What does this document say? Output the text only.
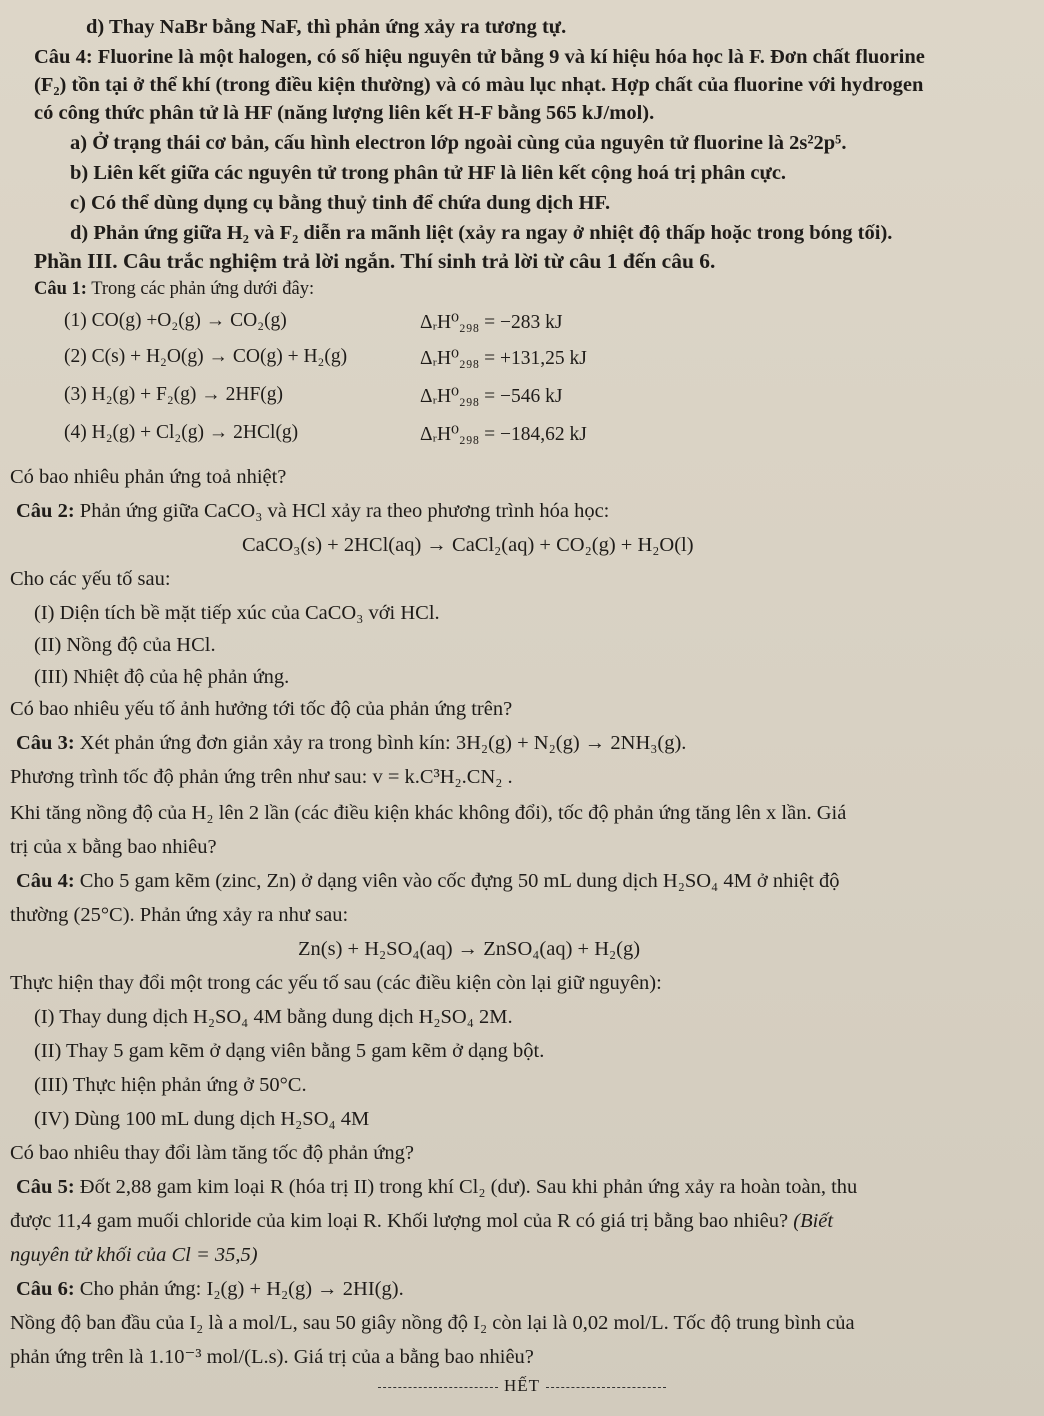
d) Thay NaBr bằng NaF, thì phản ứng xảy ra tương tự.
Câu 4: Fluorine là một halogen, có số hiệu nguyên tử bằng 9 và kí hiệu hóa học là F. Đơn chất fluorine
(F₂) tồn tại ở thể khí (trong điều kiện thường) và có màu lục nhạt. Hợp chất của fluorine với hydrogen
có công thức phân tử là HF (năng lượng liên kết H-F bằng 565 kJ/mol).
a) Ở trạng thái cơ bản, cấu hình electron lớp ngoài cùng của nguyên tử fluorine là 2s²2p⁵.
b) Liên kết giữa các nguyên tử trong phân tử HF là liên kết cộng hoá trị phân cực.
c) Có thể dùng dụng cụ bằng thuỷ tinh để chứa dung dịch HF.
d) Phản ứng giữa H₂ và F₂ diễn ra mãnh liệt (xảy ra ngay ở nhiệt độ thấp hoặc trong bóng tối).
Phần III. Câu trắc nghiệm trả lời ngắn. Thí sinh trả lời từ câu 1 đến câu 6.
Câu 1: Trong các phản ứng dưới đây:
(1) CO(g) +O₂(g) → CO₂(g)	ΔᵣH⁰₂₉₈ = −283 kJ
(2) C(s) + H₂O(g) → CO(g) + H₂(g)	ΔᵣH⁰₂₉₈ = +131,25 kJ
(3) H₂(g) + F₂(g) → 2HF(g)	ΔᵣH⁰₂₉₈ = −546 kJ
(4) H₂(g) + Cl₂(g) → 2HCl(g)	ΔᵣH⁰₂₉₈ = −184,62 kJ
Có bao nhiêu phản ứng toả nhiệt?
Câu 2: Phản ứng giữa CaCO₃ và HCl xảy ra theo phương trình hóa học:
CaCO₃(s) + 2HCl(aq) → CaCl₂(aq) + CO₂(g) + H₂O(l)
Cho các yếu tố sau:
(I) Diện tích bề mặt tiếp xúc của CaCO₃ với HCl.
(II) Nồng độ của HCl.
(III) Nhiệt độ của hệ phản ứng.
Có bao nhiêu yếu tố ảnh hưởng tới tốc độ của phản ứng trên?
Câu 3: Xét phản ứng đơn giản xảy ra trong bình kín: 3H₂(g) + N₂(g) → 2NH₃(g).
Phương trình tốc độ phản ứng trên như sau: v = k.C³H₂.CN₂ .
Khi tăng nồng độ của H₂ lên 2 lần (các điều kiện khác không đổi), tốc độ phản ứng tăng lên x lần. Giá
trị của x bằng bao nhiêu?
Câu 4: Cho 5 gam kẽm (zinc, Zn) ở dạng viên vào cốc đựng 50 mL dung dịch H₂SO₄ 4M ở nhiệt độ
thường (25°C). Phản ứng xảy ra như sau:
Zn(s) + H₂SO₄(aq) → ZnSO₄(aq) + H₂(g)
Thực hiện thay đổi một trong các yếu tố sau (các điều kiện còn lại giữ nguyên):
(I) Thay dung dịch H₂SO₄ 4M bằng dung dịch H₂SO₄ 2M.
(II) Thay 5 gam kẽm ở dạng viên bằng 5 gam kẽm ở dạng bột.
(III) Thực hiện phản ứng ở 50°C.
(IV) Dùng 100 mL dung dịch H₂SO₄ 4M
Có bao nhiêu thay đổi làm tăng tốc độ phản ứng?
Câu 5: Đốt 2,88 gam kim loại R (hóa trị II) trong khí Cl₂ (dư). Sau khi phản ứng xảy ra hoàn toàn, thu
được 11,4 gam muối chloride của kim loại R. Khối lượng mol của R có giá trị bằng bao nhiêu? (Biết
nguyên tử khối của Cl = 35,5)
Câu 6: Cho phản ứng: I₂(g) + H₂(g) → 2HI(g).
Nồng độ ban đầu của I₂ là a mol/L, sau 50 giây nồng độ I₂ còn lại là 0,02 mol/L. Tốc độ trung bình của
phản ứng trên là 1.10⁻³ mol/(L.s). Giá trị của a bằng bao nhiêu?
HẾT
